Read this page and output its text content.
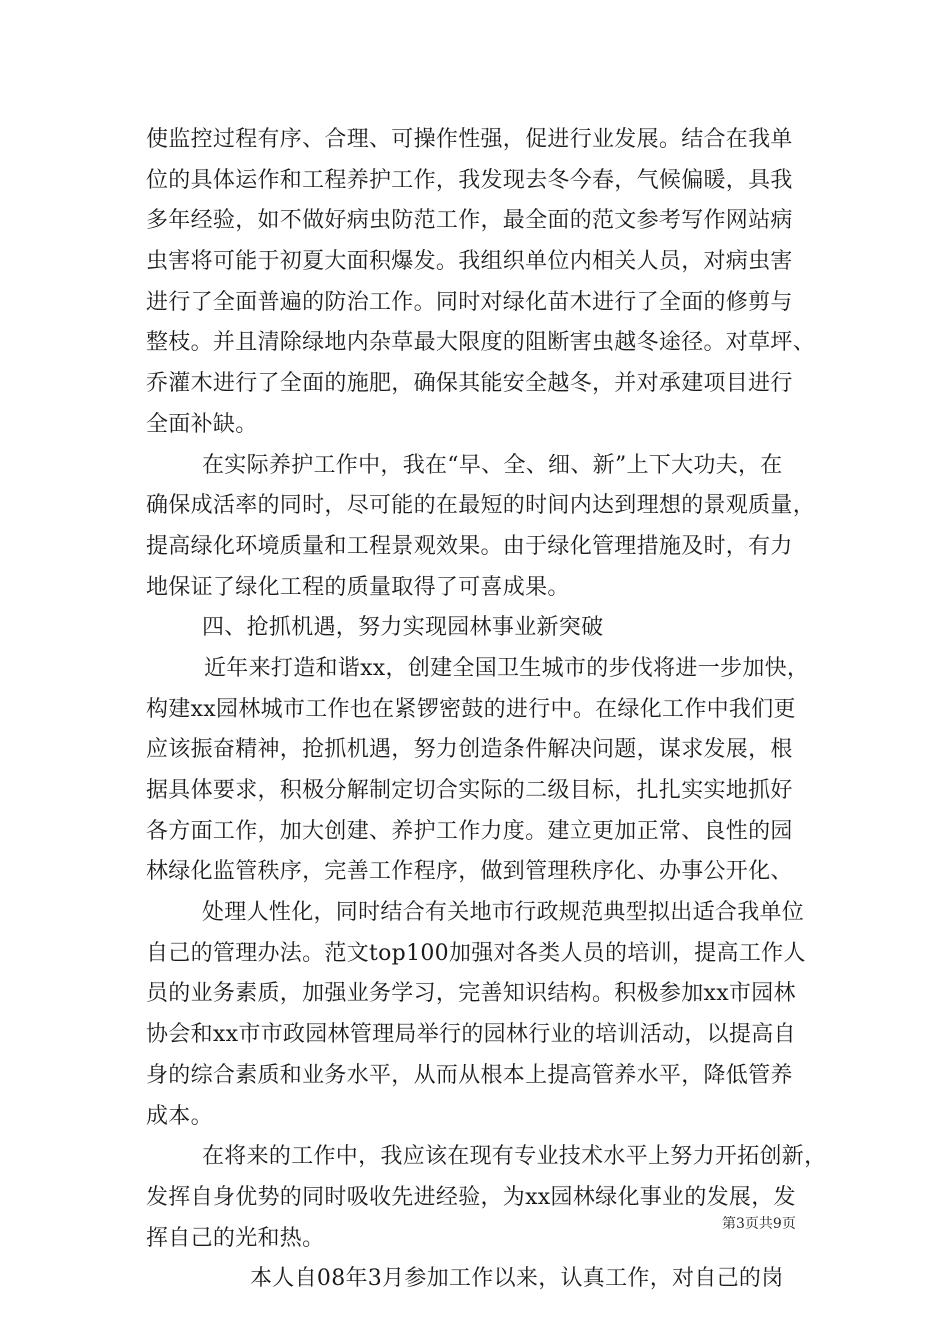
使监控过程有序、合理、可操作性强，促进行业发展。结合在我单
位的具体运作和工程养护工作，我发现去冬今春，气候偏暖，具我
多年经验，如不做好病虫防范工作，最全面的范文参考写作网站病
虫害将可能于初夏大面积爆发。我组织单位内相关人员，对病虫害
进行了全面普遍的防治工作。同时对绿化苗木进行了全面的修剪与
整枝。并且清除绿地内杂草最大限度的阻断害虫越冬途径。对草坪、
乔灌木进行了全面的施肥，确保其能安全越冬，并对承建项目进行
全面补缺。
在实际养护工作中，我在“早、全、细、新”上下大功夫，在
确保成活率的同时，尽可能的在最短的时间内达到理想的景观质量，
提高绿化环境质量和工程景观效果。由于绿化管理措施及时，有力
地保证了绿化工程的质量取得了可喜成果。
四、抢抓机遇，努力实现园林事业新突破
近年来打造和谐xx，创建全国卫生城市的步伐将进一步加快，
构建xx园林城市工作也在紧锣密鼓的进行中。在绿化工作中我们更
应该振奋精神，抢抓机遇，努力创造条件解决问题，谋求发展，根
据具体要求，积极分解制定切合实际的二级目标，扎扎实实地抓好
各方面工作，加大创建、养护工作力度。建立更加正常、良性的园
林绿化监管秩序，完善工作程序，做到管理秩序化、办事公开化、
处理人性化，同时结合有关地市行政规范典型拟出适合我单位
自己的管理办法。范文top100加强对各类人员的培训，提高工作人
员的业务素质，加强业务学习，完善知识结构。积极参加xx市园林
协会和xx市市政园林管理局举行的园林行业的培训活动，以提高自
身的综合素质和业务水平，从而从根本上提高管养水平，降低管养
成本。
在将来的工作中，我应该在现有专业技术水平上努力开拓创新，
发挥自身优势的同时吸收先进经验，为xx园林绿化事业的发展，发
挥自己的光和热。
本人自08年3月参加工作以来，认真工作，对自己的岗
第3页共9页
